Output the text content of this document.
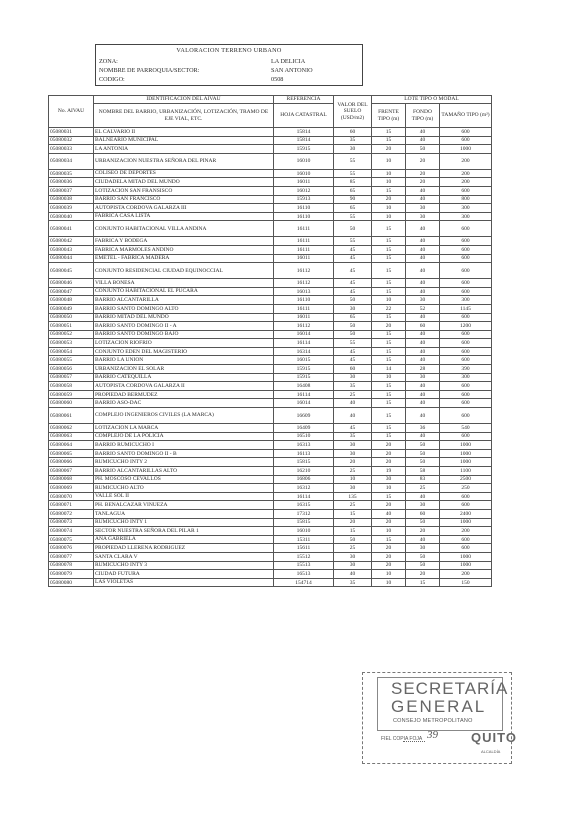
VALORACION TERRENO URBANO
ZONA:	LA DELICIA
NOMBRE DE PARROQUIA/SECTOR:	SAN ANTONIO
CODIGO:	0508
No. AIVAU	IDENTIFICACION DEL AIVAU	REFERENCIA	VALOR DEL SUELO (USD/m2)	LOTE TIPO O MODAL		
	NOMBRE DEL BARRIO, URBANIZACIÓN, LOTIZACIÓN, TRAMO DE EJE VIAL, ETC.	HOJA CATASTRAL		FRENTE TIPO (m)	FONDO TIPO (m)	TAMAÑO TIPO (m²)
05080031	EL CALVARIO II	15814	60	15	40	600
05080032	BALNEARIO MUNICIPAL	15814	35	15	40	600
05080033	LA ANTONIA	15915	30	20	50	1000
05080034	URBANIZACION NUESTRA SEÑORA DEL PINAR	16010	55	10	20	200
05080035	COLISEO DE DEPORTES	16010	55	10	20	200
05080036	CIUDADELA MITAD DEL MUNDO	16011	85	10	20	200
05080037	LOTIZACION SAN FRANSISCO	16012	65	15	40	600
05080038	BARRIO SAN FRANCISCO	15913	90	20	40	800
05080039	AUTOPISTA CORDOVA GALARZA III	16110	65	10	30	300
05080040	FABRICA CASA LISTA	16110	55	10	30	300
05080041	CONJUNTO HABITACIONAL VILLA ANDINA	16111	50	15	40	600
05080042	FABRICA Y BODEGA	16111	55	15	40	600
05080043	FABRICA MARMOLES ANDINO	16111	45	15	40	600
05080044	EMETEL - FABRICA MADERA	16011	45	15	40	600
05080045	CONJUNTO RESIDENCIAL CIUDAD EQUINOCCIAL	16112	45	15	40	600
05080046	VILLA BONESA	16112	45	15	40	600
05080047	CONJUNTO HABITACIONAL EL PUCARA	16013	45	15	40	600
05080048	BARRIO ALCANTARILLA	16110	50	10	30	300
05080049	BARRIO SANTO DOMINGO ALTO	16111	30	22	52	1145
05080050	BARRIO MITAD DEL MUNDO	16011	65	15	40	600
05080051	BARRIO SANTO DOMINGO II - A	16112	50	20	60	1200
05080052	BARRIO SANTO DOMINGO BAJO	16014	50	15	40	600
05080053	LOTIZACION RIOFRIO	16114	55	15	40	600
05080054	CONJUNTO EDEN DEL MAGISTERIO	16314	45	15	40	600
05080055	BARRIO LA UNION	16015	45	15	40	600
05080056	URBANIZACION EL SOLAR	15915	60	14	28	390
05080057	BARRIO CATEQUILLA	15915	30	10	30	300
05080058	AUTOPISTA CORDOVA GALARZA II	16408	35	15	40	600
05080059	PROPIEDAD BERMUDEZ	16114	25	15	40	600
05080060	BARRIO ASO-DAC	16014	40	15	40	600
05080061	COMPLEJO INGENIEROS CIVILES (LA MARCA)	16609	40	15	40	600
05080062	LOTIZACION LA MARCA	16409	45	15	36	540
05080063	COMPLEJO DE LA POLICIA	16510	35	15	40	600
05080064	BARRIO RUMICUCHO I	16313	30	20	50	1000
05080065	BARRIO SANTO DOMINGO II - B	16113	30	20	50	1000
05080066	RUMICUCHO INTY 2	15815	20	20	50	1000
05080067	BARRIO ALCANTARILLAS ALTO	16210	25	19	58	1100
05080068	PH. MOSCOSO CEVALLOS	16806	10	30	83	2500
05080069	RUMICUCHO ALTO	16312	30	10	25	250
05080070	VALLE SOL II	16114	135	15	40	600
05080071	PH. BENALCAZAR VINUEZA	16315	25	20	30	600
05080072	TANLAGUA	17312	15	40	60	2400
05080073	RUMICUCHO INTY 1	15815	20	20	50	1000
05080074	SECTOR NUESTRA SEÑORA DEL PILAR 1	16010	15	10	20	200
05080075	ANA GABRIELA	15311	50	15	40	600
05080076	PROPIEDAD LLERENA RODRIGUEZ	15611	25	20	30	600
05080077	SANTA CLARA V	15512	30	20	50	1000
05080078	RUMICUCHO INTY 3	15513	30	20	50	1000
05080079	CIUDAD FUTURA	16513	40	10	20	200
05080080	LAS VIOLETAS	154714	35	10	15	150
SECRETARÍA
GENERAL
CONSEJO METROPOLITANO
FIEL COPIA FOJA 39	QUITO
ALCALDÍA
